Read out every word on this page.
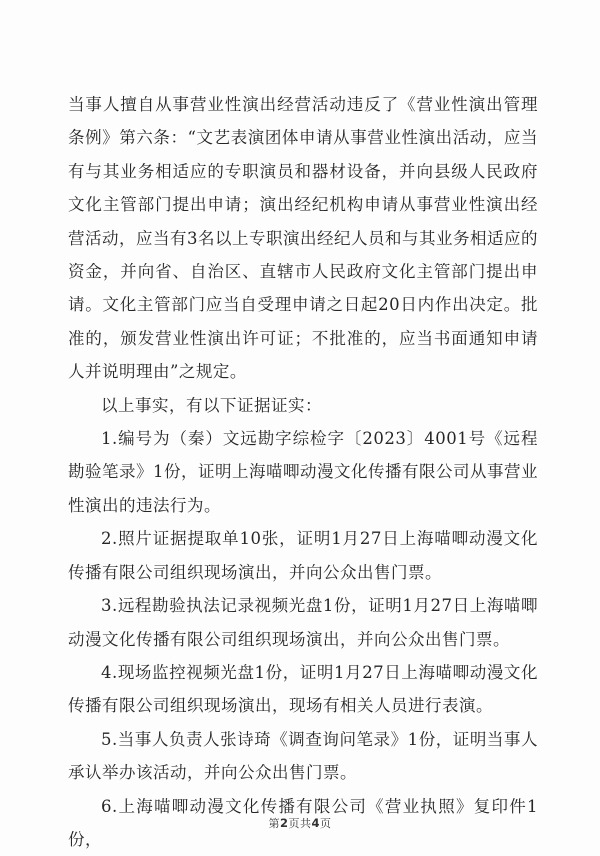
当事人擅自从事营业性演出经营活动违反了《营业性演出管理条例》第六条：“文艺表演团体申请从事营业性演出活动，应当有与其业务相适应的专职演员和器材设备，并向县级人民政府文化主管部门提出申请；演出经纪机构申请从事营业性演出经营活动，应当有3名以上专职演出经纪人员和与其业务相适应的资金，并向省、自治区、直辖市人民政府文化主管部门提出申请。文化主管部门应当自受理申请之日起20日内作出决定。批准的，颁发营业性演出许可证；不批准的，应当书面通知申请人并说明理由”之规定。

以上事实，有以下证据证实：

1.编号为（秦）文远勘字综检字〔2023〕4001号《远程勘验笔录》1份，证明上海喵唧动漫文化传播有限公司从事营业性演出的违法行为。

2.照片证据提取单10张，证明1月27日上海喵唧动漫文化传播有限公司组织现场演出，并向公众出售门票。

3.远程勘验执法记录视频光盘1份，证明1月27日上海喵唧动漫文化传播有限公司组织现场演出，并向公众出售门票。

4.现场监控视频光盘1份，证明1月27日上海喵唧动漫文化传播有限公司组织现场演出，现场有相关人员进行表演。

5.当事人负责人张诗琦《调查询问笔录》1份，证明当事人承认举办该活动，并向公众出售门票。

6.上海喵唧动漫文化传播有限公司《营业执照》复印件1份，

第2页共4页
